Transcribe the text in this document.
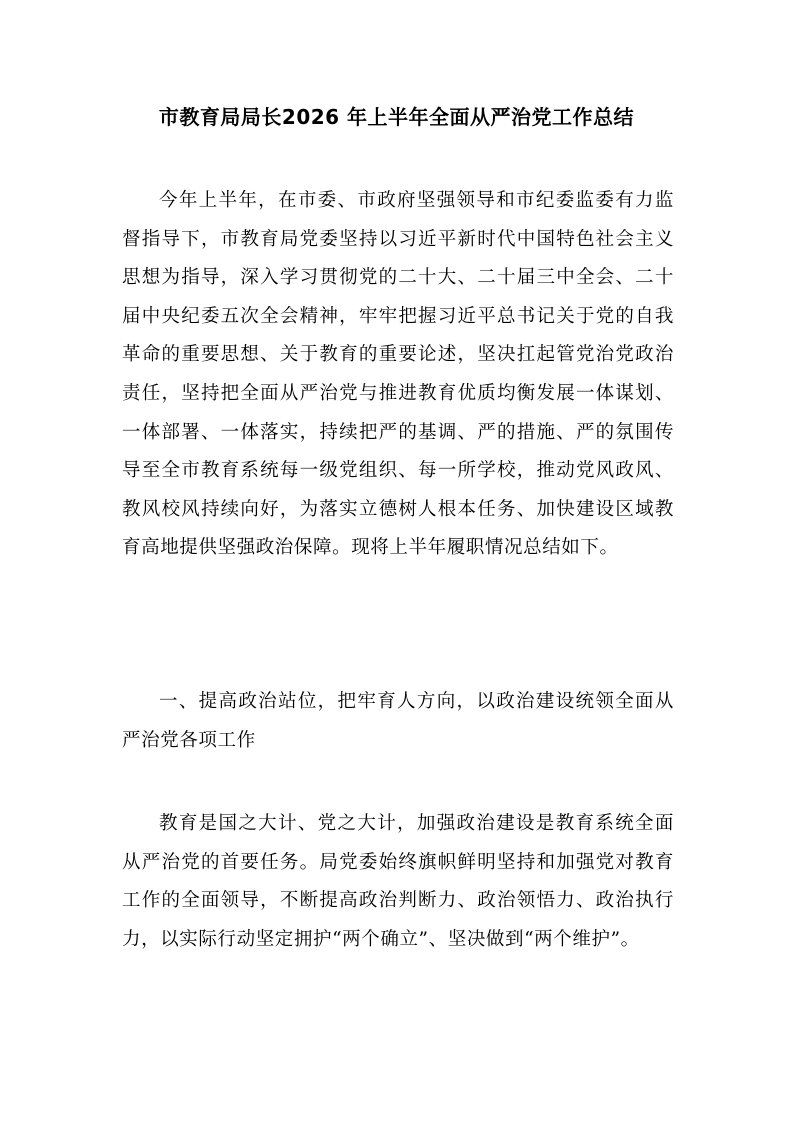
市教育局局长2026 年上半年全面从严治党工作总结

今年上半年，在市委、市政府坚强领导和市纪委监委有力监督指导下，市教育局党委坚持以习近平新时代中国特色社会主义思想为指导，深入学习贯彻党的二十大、二十届三中全会、二十届中央纪委五次全会精神，牢牢把握习近平总书记关于党的自我革命的重要思想、关于教育的重要论述，坚决扛起管党治党政治责任，坚持把全面从严治党与推进教育优质均衡发展一体谋划、一体部署、一体落实，持续把严的基调、严的措施、严的氛围传导至全市教育系统每一级党组织、每一所学校，推动党风政风、教风校风持续向好，为落实立德树人根本任务、加快建设区域教育高地提供坚强政治保障。现将上半年履职情况总结如下。

一、提高政治站位，把牢育人方向，以政治建设统领全面从严治党各项工作

教育是国之大计、党之大计，加强政治建设是教育系统全面从严治党的首要任务。局党委始终旗帜鲜明坚持和加强党对教育工作的全面领导，不断提高政治判断力、政治领悟力、政治执行力，以实际行动坚定拥护“两个确立”、坚决做到“两个维护”。
